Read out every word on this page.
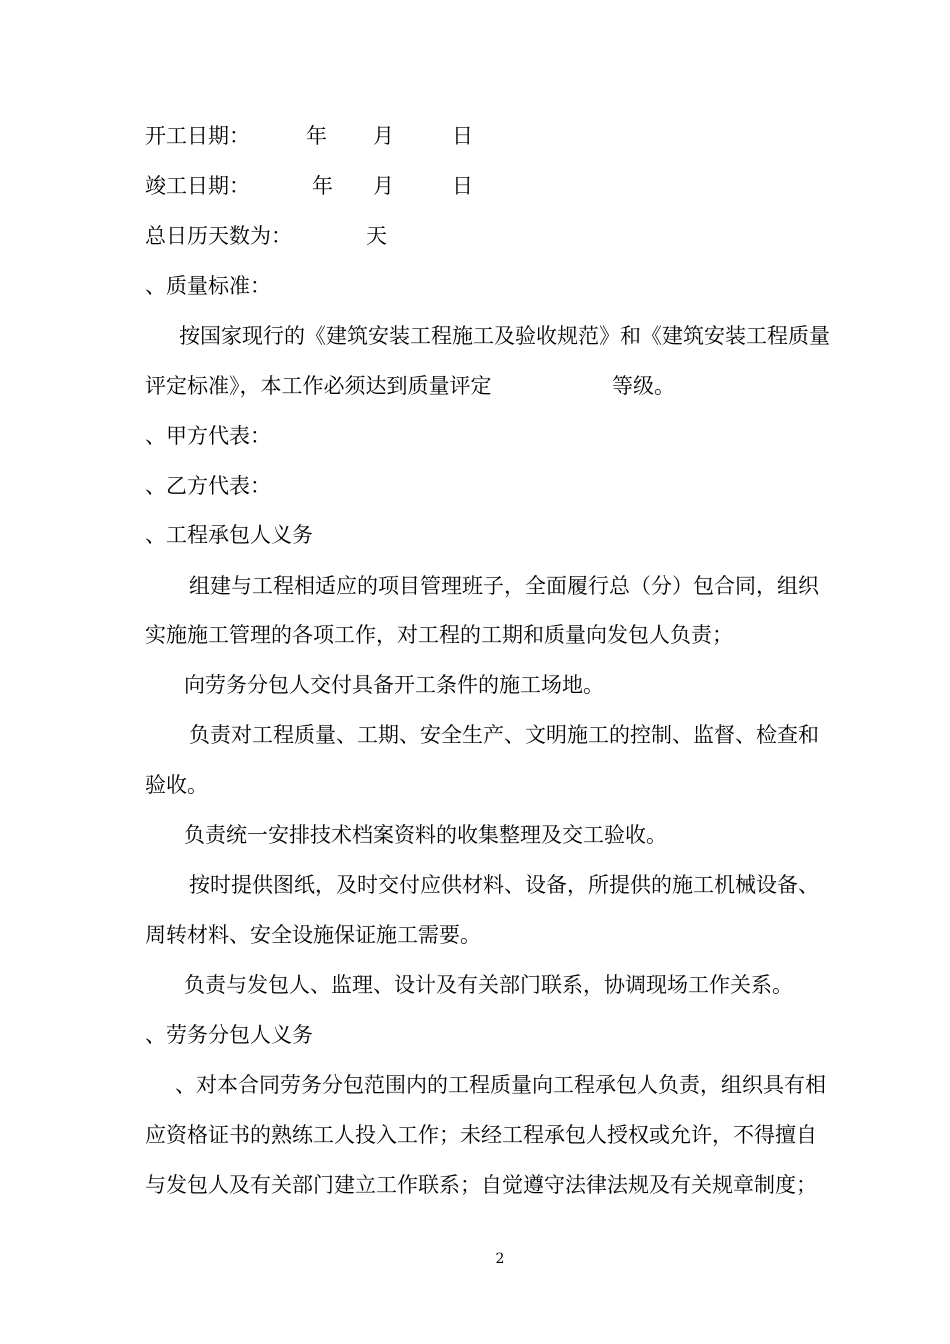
开工日期：	年 月	日
竣工日期：	年 月	日
总日历天数为：	天
、质量标准：
按国家现行的《建筑安装工程施工及验收规范》和《建筑安装工程质量
评定标准》，本工作必须达到质量评定	等级。
、甲方代表：
、乙方代表：
、工程承包人义务
组建与工程相适应的项目管理班子，全面履行总（分）包合同，组织
实施施工管理的各项工作，对工程的工期和质量向发包人负责；
向劳务分包人交付具备开工条件的施工场地。
负责对工程质量、工期、安全生产、文明施工的控制、监督、检查和
验收。
负责统一安排技术档案资料的收集整理及交工验收。
按时提供图纸，及时交付应供材料、设备，所提供的施工机械设备、
周转材料、安全设施保证施工需要。
负责与发包人、监理、设计及有关部门联系，协调现场工作关系。
、劳务分包人义务
、对本合同劳务分包范围内的工程质量向工程承包人负责，组织具有相
应资格证书的熟练工人投入工作；未经工程承包人授权或允许，不得擅自
与发包人及有关部门建立工作联系；自觉遵守法律法规及有关规章制度；
2
